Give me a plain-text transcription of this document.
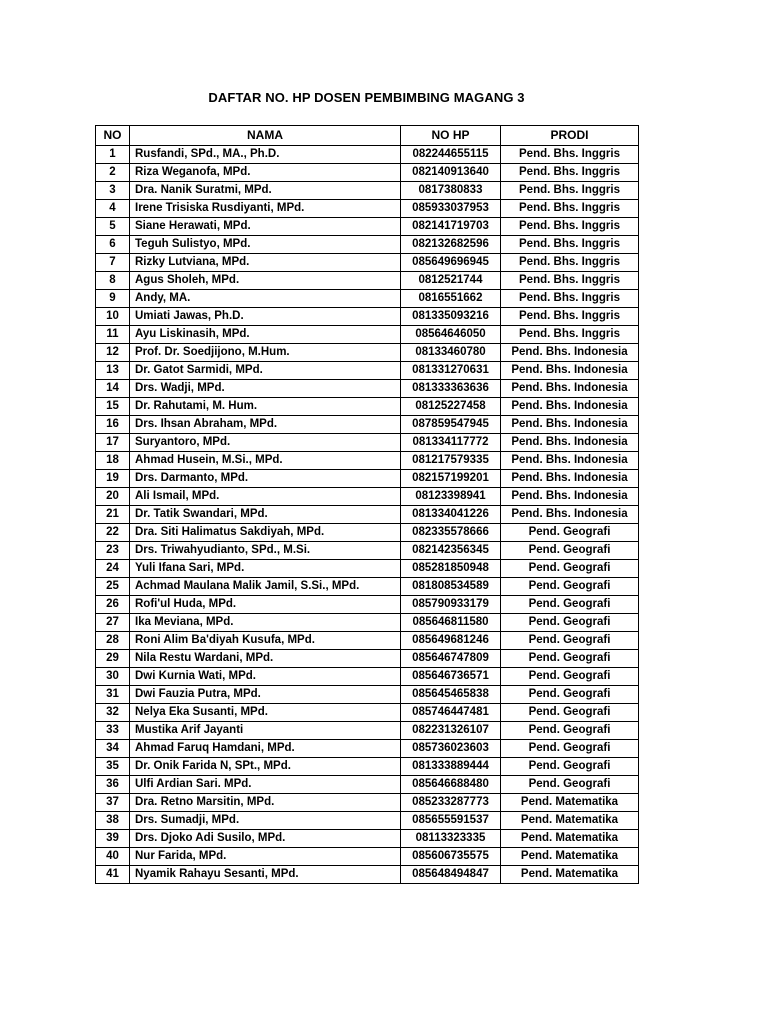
DAFTAR NO. HP DOSEN PEMBIMBING MAGANG 3
NO	NAMA	NO HP	PRODI
1	Rusfandi, SPd., MA., Ph.D.	082244655115	Pend. Bhs. Inggris
2	Riza Weganofa, MPd.	082140913640	Pend. Bhs. Inggris
3	Dra. Nanik Suratmi, MPd.	0817380833	Pend. Bhs. Inggris
4	Irene Trisiska Rusdiyanti, MPd.	085933037953	Pend. Bhs. Inggris
5	Siane Herawati, MPd.	082141719703	Pend. Bhs. Inggris
6	Teguh Sulistyo, MPd.	082132682596	Pend. Bhs. Inggris
7	Rizky Lutviana, MPd.	085649696945	Pend. Bhs. Inggris
8	Agus Sholeh, MPd.	0812521744	Pend. Bhs. Inggris
9	Andy, MA.	0816551662	Pend. Bhs. Inggris
10	Umiati Jawas, Ph.D.	081335093216	Pend. Bhs. Inggris
11	Ayu Liskinasih, MPd.	08564646050	Pend. Bhs. Inggris
12	Prof. Dr. Soedjijono, M.Hum.	08133460780	Pend. Bhs. Indonesia
13	Dr. Gatot Sarmidi, MPd.	081331270631	Pend. Bhs. Indonesia
14	Drs. Wadji, MPd.	081333363636	Pend. Bhs. Indonesia
15	Dr. Rahutami, M. Hum.	08125227458	Pend. Bhs. Indonesia
16	Drs. Ihsan Abraham, MPd.	087859547945	Pend. Bhs. Indonesia
17	Suryantoro, MPd.	081334117772	Pend. Bhs. Indonesia
18	Ahmad Husein, M.Si., MPd.	081217579335	Pend. Bhs. Indonesia
19	Drs. Darmanto, MPd.	082157199201	Pend. Bhs. Indonesia
20	Ali Ismail, MPd.	08123398941	Pend. Bhs. Indonesia
21	Dr. Tatik Swandari, MPd.	081334041226	Pend. Bhs. Indonesia
22	Dra. Siti Halimatus Sakdiyah, MPd.	082335578666	Pend. Geografi
23	Drs. Triwahyudianto, SPd., M.Si.	082142356345	Pend. Geografi
24	Yuli Ifana Sari, MPd.	085281850948	Pend. Geografi
25	Achmad Maulana Malik Jamil, S.Si., MPd.	081808534589	Pend. Geografi
26	Rofi'ul Huda, MPd.	085790933179	Pend. Geografi
27	Ika Meviana, MPd.	085646811580	Pend. Geografi
28	Roni Alim Ba'diyah Kusufa, MPd.	085649681246	Pend. Geografi
29	Nila Restu Wardani, MPd.	085646747809	Pend. Geografi
30	Dwi Kurnia Wati, MPd.	085646736571	Pend. Geografi
31	Dwi Fauzia Putra, MPd.	085645465838	Pend. Geografi
32	Nelya Eka Susanti, MPd.	085746447481	Pend. Geografi
33	Mustika Arif Jayanti	082231326107	Pend. Geografi
34	Ahmad Faruq Hamdani, MPd.	085736023603	Pend. Geografi
35	Dr. Onik Farida N, SPt., MPd.	081333889444	Pend. Geografi
36	Ulfi Ardian Sari. MPd.	085646688480	Pend. Geografi
37	Dra. Retno Marsitin, MPd.	085233287773	Pend. Matematika
38	Drs. Sumadji, MPd.	085655591537	Pend. Matematika
39	Drs. Djoko Adi Susilo, MPd.	08113323335	Pend. Matematika
40	Nur Farida, MPd.	085606735575	Pend. Matematika
41	Nyamik Rahayu Sesanti, MPd.	085648494847	Pend. Matematika
